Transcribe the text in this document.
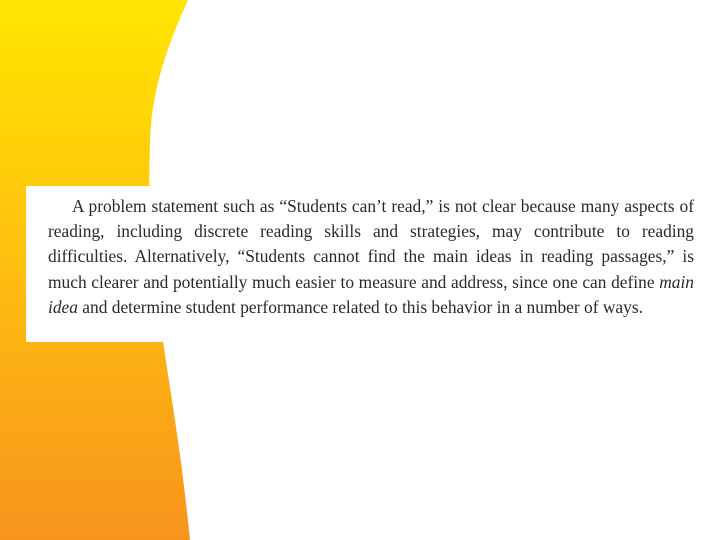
A problem statement such as “Students can’t read,” is not clear because many aspects of reading, including discrete reading skills and strategies, may contribute to reading difficulties. Alternatively, “Students cannot find the main ideas in reading passages,” is much clearer and potentially much easier to measure and address, since one can define main idea and determine student performance related to this behavior in a number of ways.
